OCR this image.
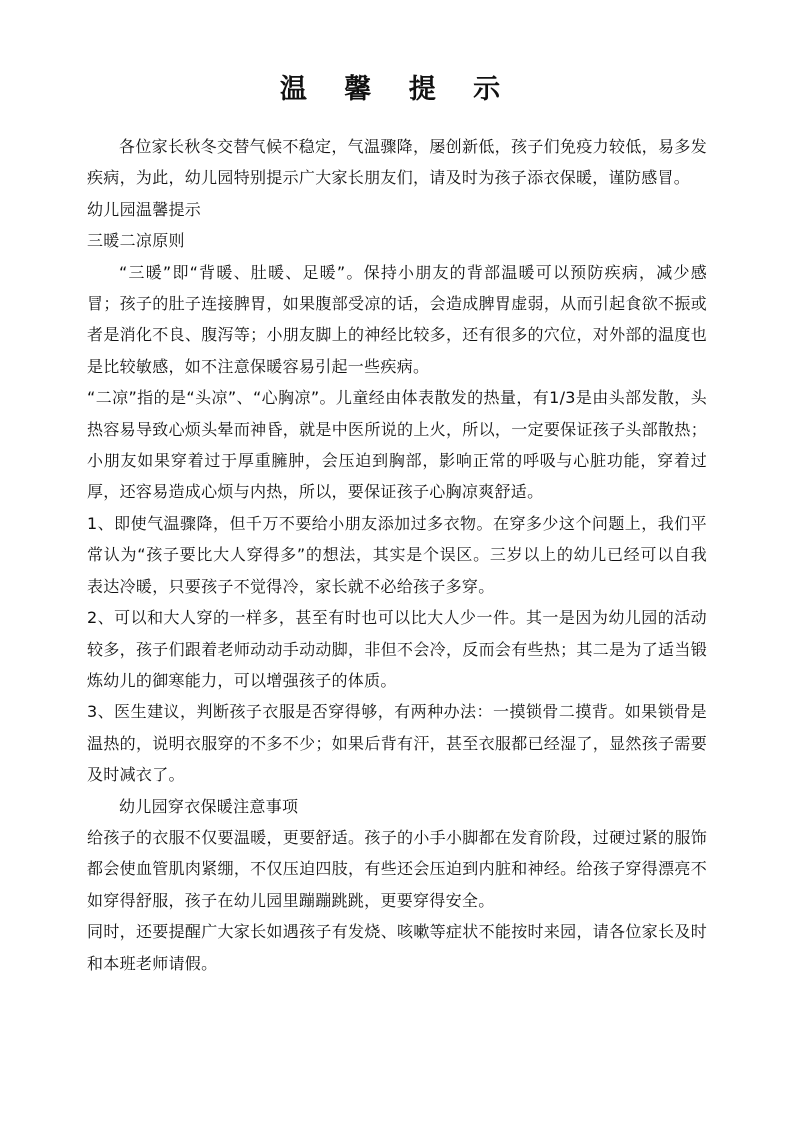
温 馨 提 示

各位家长秋冬交替气候不稳定，气温骤降，屡创新低，孩子们免疫力较低，易多发疾病，为此，幼儿园特别提示广大家长朋友们，请及时为孩子添衣保暖，谨防感冒。

幼儿园温馨提示

三暖二凉原则

“三暖”即“背暖、肚暖、足暖”。保持小朋友的背部温暖可以预防疾病，减少感冒；孩子的肚子连接脾胃，如果腹部受凉的话，会造成脾胃虚弱，从而引起食欲不振或者是消化不良、腹泻等；小朋友脚上的神经比较多，还有很多的穴位，对外部的温度也是比较敏感，如不注意保暖容易引起一些疾病。

“二凉”指的是“头凉”、“心胸凉”。儿童经由体表散发的热量，有1/3是由头部发散，头热容易导致心烦头晕而神昏，就是中医所说的上火，所以，一定要保证孩子头部散热；小朋友如果穿着过于厚重臃肿，会压迫到胸部，影响正常的呼吸与心脏功能，穿着过厚，还容易造成心烦与内热，所以，要保证孩子心胸凉爽舒适。

1、即使气温骤降，但千万不要给小朋友添加过多衣物。在穿多少这个问题上，我们平常认为“孩子要比大人穿得多”的想法，其实是个误区。三岁以上的幼儿已经可以自我表达冷暖，只要孩子不觉得冷，家长就不必给孩子多穿。

2、可以和大人穿的一样多，甚至有时也可以比大人少一件。其一是因为幼儿园的活动较多，孩子们跟着老师动动手动动脚，非但不会冷，反而会有些热；其二是为了适当锻炼幼儿的御寒能力，可以增强孩子的体质。

3、医生建议，判断孩子衣服是否穿得够，有两种办法：一摸锁骨二摸背。如果锁骨是温热的，说明衣服穿的不多不少；如果后背有汗，甚至衣服都已经湿了，显然孩子需要及时减衣了。

幼儿园穿衣保暖注意事项

给孩子的衣服不仅要温暖，更要舒适。孩子的小手小脚都在发育阶段，过硬过紧的服饰都会使血管肌肉紧绷，不仅压迫四肢，有些还会压迫到内脏和神经。给孩子穿得漂亮不如穿得舒服，孩子在幼儿园里蹦蹦跳跳，更要穿得安全。

同时，还要提醒广大家长如遇孩子有发烧、咳嗽等症状不能按时来园，请各位家长及时和本班老师请假。
